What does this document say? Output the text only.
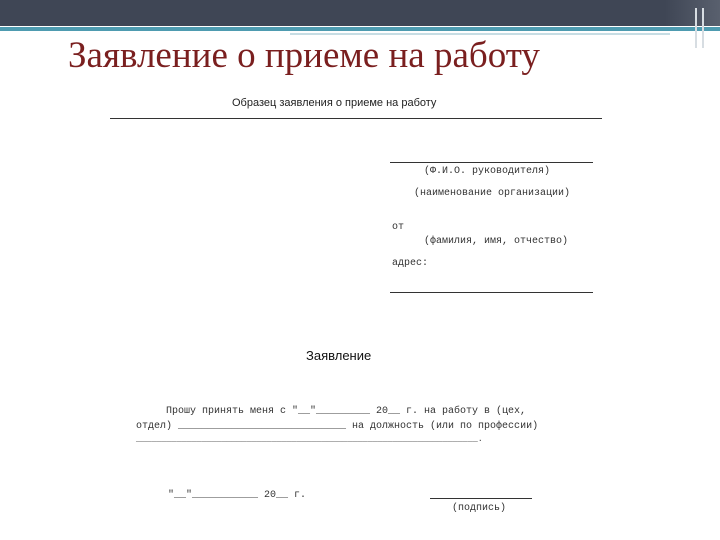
Заявление о приеме на работу
Образец заявления о приеме на работу
(Ф.И.О. руководителя)
(наименование организации)
от
(фамилия, имя, отчество)
адрес:
Заявление
Прошу принять меня с "__"_________ 20__ г. на работу в (цех,
отдел) ____________________________ на должность (или по профессии)
____________________________________________________________________.
"__"___________ 20__ г.
(подпись)
